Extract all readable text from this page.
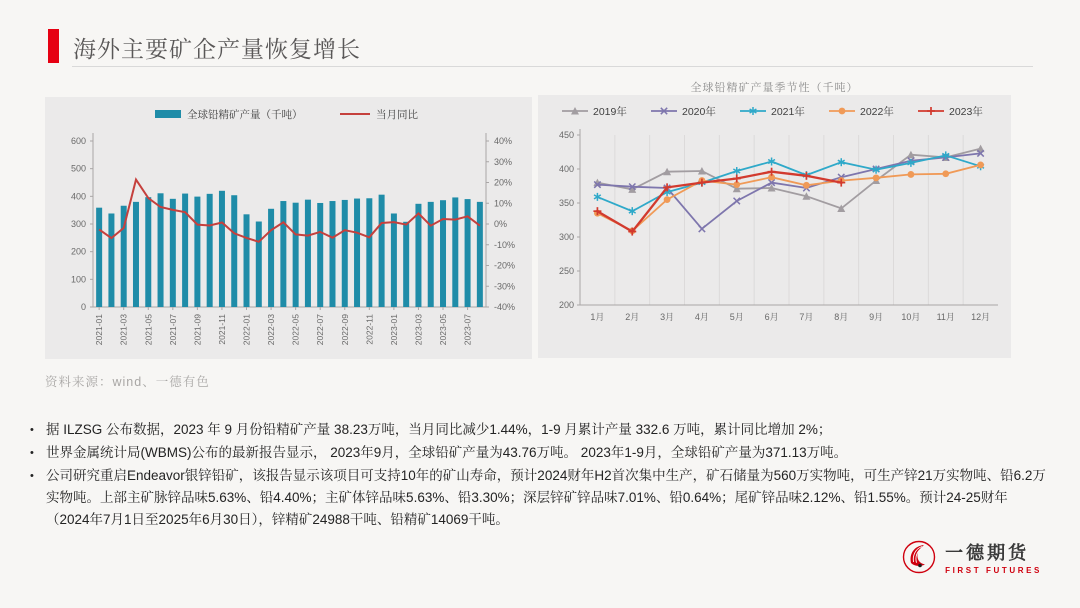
海外主要矿企产量恢复增长
0
100
200
300
400
500
600
-40%
-30%
-20%
-10%
0%
10%
20%
30%
40%
2021-01 2021-03 2021-05 2021-07 2021-09 2021-11 2022-01 2022-03 2022-05 2022-07 2022-09 2022-11 2023-01 2023-03 2023-05 2023-07
全球铅精矿产量（千吨）	当月同比
全球铅精矿产量季节性（千吨）
200
250
300
350
400
450
1月 2月 3月 4月 5月 6月 7月 8月 9月 10月 11月 12月
2019年	2020年	2021年	2022年	2023年
资料来源：wind、一德有色
• 据 ILZSG 公布数据，2023 年 9 月份铅精矿产量 38.23万吨，当月同比减少1.44%，1-9 月累计产量 332.6 万吨，累计同比增加 2%；
• 世界金属统计局(WBMS)公布的最新报告显示， 2023年9月，全球铅矿产量为43.76万吨。 2023年1-9月，全球铅矿产量为371.13万吨。
• 公司研究重启Endeavor银锌铅矿，该报告显示该项目可支持10年的矿山寿命，预计2024财年H2首次集中生产，矿石储量为560万实物吨，可生产锌21万实物吨、铅6.2万实物吨。上部主矿脉锌品味5.63%、铅4.40%；主矿体锌品味5.63%、铅3.30%；深层锌矿锌品味7.01%、铅0.64%；尾矿锌品味2.12%、铅1.55%。预计24-25财年（2024年7月1日至2025年6月30日），锌精矿24988干吨、铅精矿14069干吨。
一德期货
FIRST FUTURES
